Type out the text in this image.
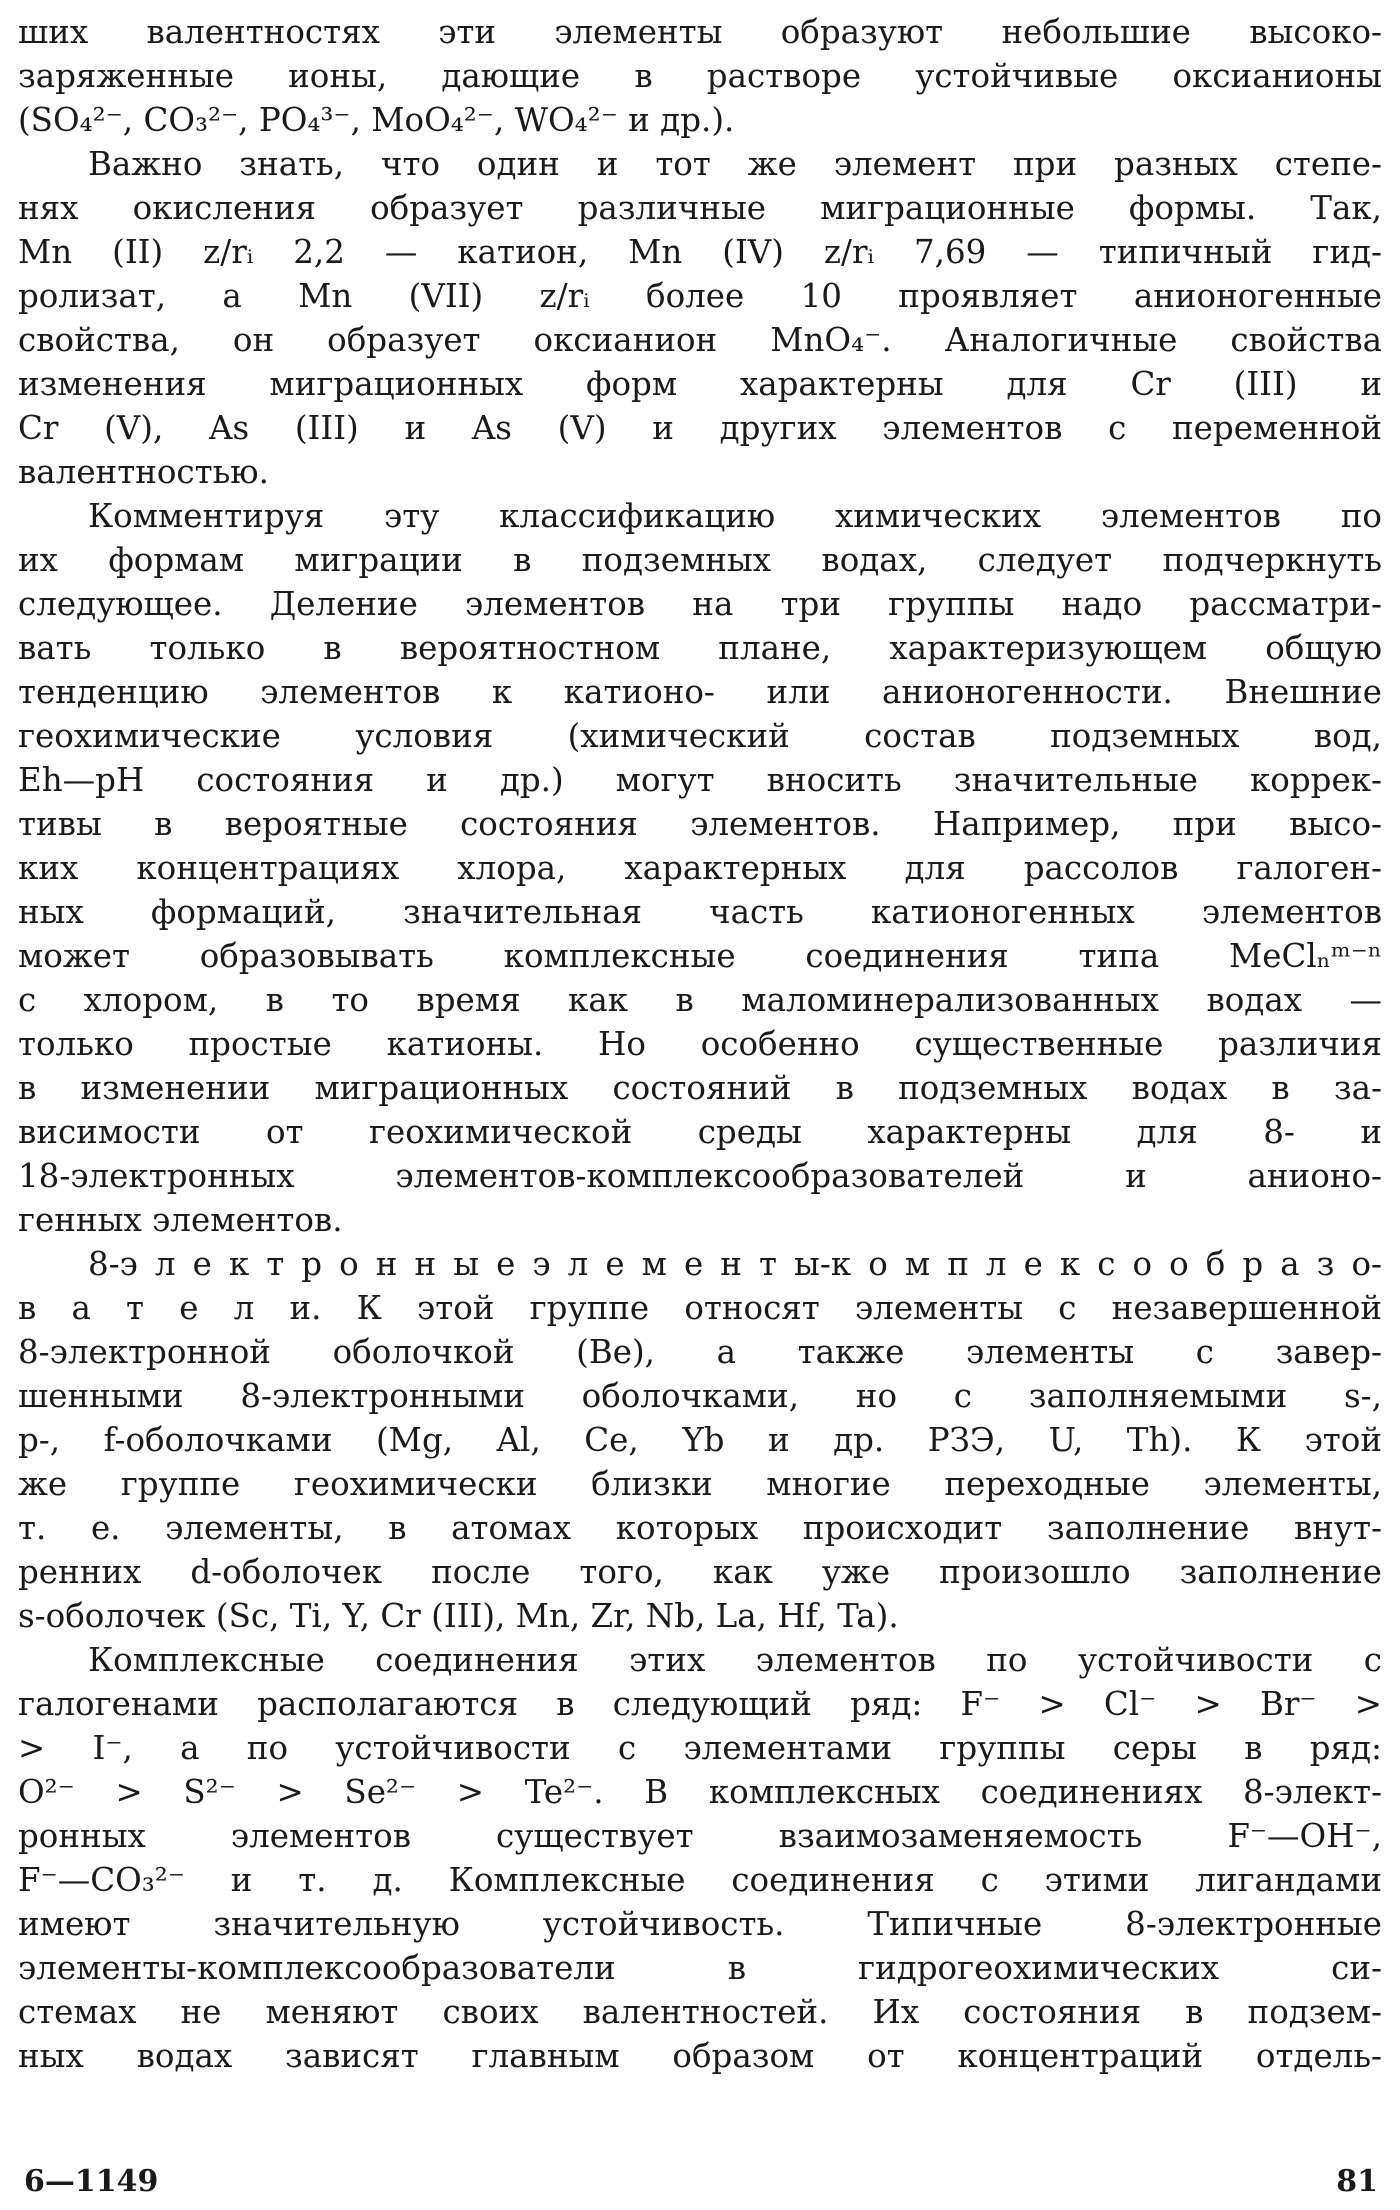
ших валентностях эти элементы образуют небольшие высоко-
заряженные ионы, дающие в растворе устойчивые оксианионы
(SO₄²⁻, CO₃²⁻, PO₄³⁻, MoO₄²⁻, WO₄²⁻ и др.).
Важно знать, что один и тот же элемент при разных степе-
нях окисления образует различные миграционные формы. Так,
Mn (II) z/rᵢ 2,2 — катион, Mn (IV) z/rᵢ 7,69 — типичный гид-
ролизат, а Mn (VII) z/rᵢ более 10 проявляет анионогенные
свойства, он образует оксианион MnO₄⁻. Аналогичные свойства
изменения миграционных форм характерны для Cr (III) и
Cr (V), As (III) и As (V) и других элементов с переменной
валентностью.
Комментируя эту классификацию химических элементов по
их формам миграции в подземных водах, следует подчеркнуть
следующее. Деление элементов на три группы надо рассматри-
вать только в вероятностном плане, характеризующем общую
тенденцию элементов к катионо- или анионогенности. Внешние
геохимические условия (химический состав подземных вод,
Eh—pH состояния и др.) могут вносить значительные коррек-
тивы в вероятные состояния элементов. Например, при высо-
ких концентрациях хлора, характерных для рассолов галоген-
ных формаций, значительная часть катионогенных элементов
может образовывать комплексные соединения типа MeClₙᵐ⁻ⁿ
с хлором, в то время как в маломинерализованных водах —
только простые катионы. Но особенно существенные различия
в изменении миграционных состояний в подземных водах в за-
висимости от геохимической среды характерны для 8- и
18-электронных элементов-комплексообразователей и анионо-
генных элементов.
8-э л е к т р о н н ы е э л е м е н т ы-к о м п л е к с о о б р а з о-
в а т е л и. К этой группе относят элементы с незавершенной
8-электронной оболочкой (Be), а также элементы с завер-
шенными 8-электронными оболочками, но с заполняемыми s-,
p-, f-оболочками (Mg, Al, Ce, Yb и др. РЗЭ, U, Th). К этой
же группе геохимически близки многие переходные элементы,
т. е. элементы, в атомах которых происходит заполнение внут-
ренних d-оболочек после того, как уже произошло заполнение
s-оболочек (Sc, Ti, Y, Cr (III), Mn, Zr, Nb, La, Hf, Ta).
Комплексные соединения этих элементов по устойчивости с
галогенами располагаются в следующий ряд: F⁻ > Cl⁻ > Br⁻ >
> I⁻, а по устойчивости с элементами группы серы в ряд:
O²⁻ > S²⁻ > Se²⁻ > Te²⁻. В комплексных соединениях 8-элект-
ронных элементов существует взаимозаменяемость F⁻—OH⁻,
F⁻—CO₃²⁻ и т. д. Комплексные соединения с этими лигандами
имеют значительную устойчивость. Типичные 8-электронные
элементы-комплексообразователи в гидрогеохимических си-
стемах не меняют своих валентностей. Их состояния в подзем-
ных водах зависят главным образом от концентраций отдель-
6—1149	81
